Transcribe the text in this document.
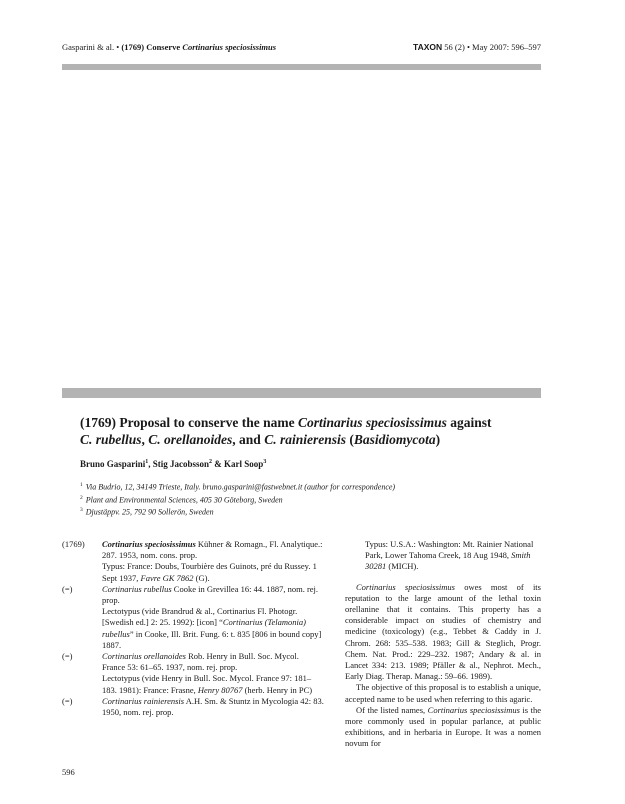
Gasparini & al. • (1769) Conserve Cortinarius speciosissimus	TAXON 56 (2) • May 2007: 596–597
(1769) Proposal to conserve the name Cortinarius speciosissimus against
C. rubellus, C. orellanoides, and C. rainierensis (Basidiomycota)
Bruno Gasparini$^1$, Stig Jacobsson$^2$ & Karl Soop$^3$
$^1$ Via Budrio, 12, 34149 Trieste, Italy. bruno.gasparini@fastwebnet.it (author for correspondence)
$^2$ Plant and Environmental Sciences, 405 30 Göteborg, Sweden
$^3$ Djustäppv. 25, 792 90 Sollerön, Sweden
(1769)	Cortinarius speciosissimus Kühner & Romagn., Fl. Analytique.: 287. 1953, nom. cons. prop.
Typus: France: Doubs, Tourbière des Guinots, pré du Russey. 1 Sept 1937, Favre GK 7862 (G).
(=)	Cortinarius rubellus Cooke in Grevillea 16: 44. 1887, nom. rej. prop.
Lectotypus (vide Brandrud & al., Cortinarius Fl. Photogr. [Swedish ed.] 2: 25. 1992): [icon] “Cortinarius (Telamonia) rubellus” in Cooke, Ill. Brit. Fung. 6: t. 835 [806 in bound copy] 1887.
(=)	Cortinarius orellanoides Rob. Henry in Bull. Soc. Mycol. France 53: 61–65. 1937, nom. rej. prop.
Lectotypus (vide Henry in Bull. Soc. Mycol. France 97: 181–183. 1981): France: Frasne, Henry 80767 (herb. Henry in PC)
(=)	Cortinarius rainierensis A.H. Sm. & Stuntz in Mycologia 42: 83. 1950, nom. rej. prop.
Typus: U.S.A.: Washington: Mt. Rainier National Park, Lower Tahoma Creek, 18 Aug 1948, Smith 30281 (MICH).

Cortinarius speciosissimus owes most of its reputation to the large amount of the lethal toxin orellanine that it contains. This property has a considerable impact on studies of chemistry and medicine (toxicology) (e.g., Tebbet & Caddy in J. Chrom. 268: 535–538. 1983; Gill & Steglich, Progr. Chem. Nat. Prod.: 229–232. 1987; Andary & al. in Lancet 334: 213. 1989; Pfäller & al., Nephrot. Mech., Early Diag. Therap. Manag.: 59–66. 1989).

The objective of this proposal is to establish a unique, accepted name to be used when referring to this agaric.

Of the listed names, Cortinarius speciosissimus is the more commonly used in popular parlance, at public exhibitions, and in herbaria in Europe. It was a nomen novum for

596
